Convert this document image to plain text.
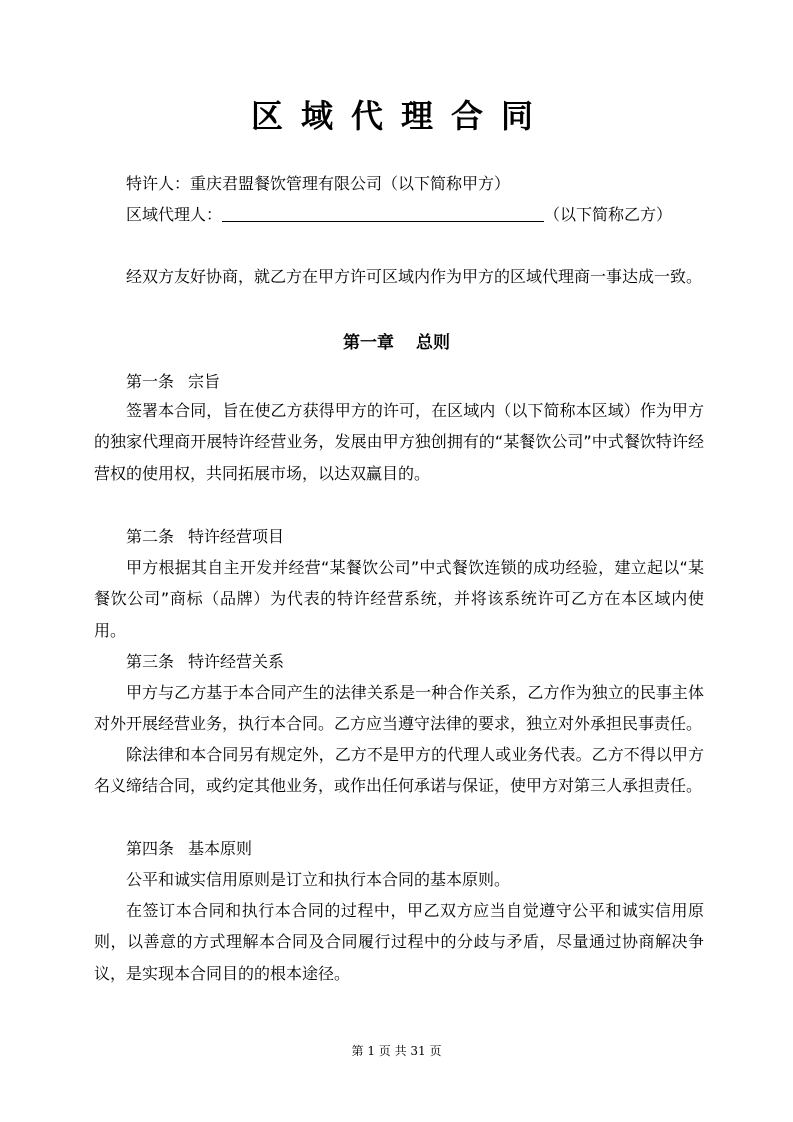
区域代理合同
特许人：重庆君盟餐饮管理有限公司（以下简称甲方）
区域代理人：	（以下简称乙方）
经双方友好协商，就乙方在甲方许可区域内作为甲方的区域代理商一事达成一致。
第一章 总则
第一条 宗旨
签署本合同，旨在使乙方获得甲方的许可，在区域内（以下简称本区域）作为甲方的独家代理商开展特许经营业务，发展由甲方独创拥有的“某餐饮公司”中式餐饮特许经营权的使用权，共同拓展市场，以达双赢目的。
第二条 特许经营项目
甲方根据其自主开发并经营“某餐饮公司”中式餐饮连锁的成功经验，建立起以“某餐饮公司”商标（品牌）为代表的特许经营系统，并将该系统许可乙方在本区域内使用。
第三条 特许经营关系
甲方与乙方基于本合同产生的法律关系是一种合作关系，乙方作为独立的民事主体对外开展经营业务，执行本合同。乙方应当遵守法律的要求，独立对外承担民事责任。
除法律和本合同另有规定外，乙方不是甲方的代理人或业务代表。乙方不得以甲方名义缔结合同，或约定其他业务，或作出任何承诺与保证，使甲方对第三人承担责任。
第四条 基本原则
公平和诚实信用原则是订立和执行本合同的基本原则。
在签订本合同和执行本合同的过程中，甲乙双方应当自觉遵守公平和诚实信用原则，以善意的方式理解本合同及合同履行过程中的分歧与矛盾，尽量通过协商解决争议，是实现本合同目的的根本途径。
第 1 页 共 31 页
